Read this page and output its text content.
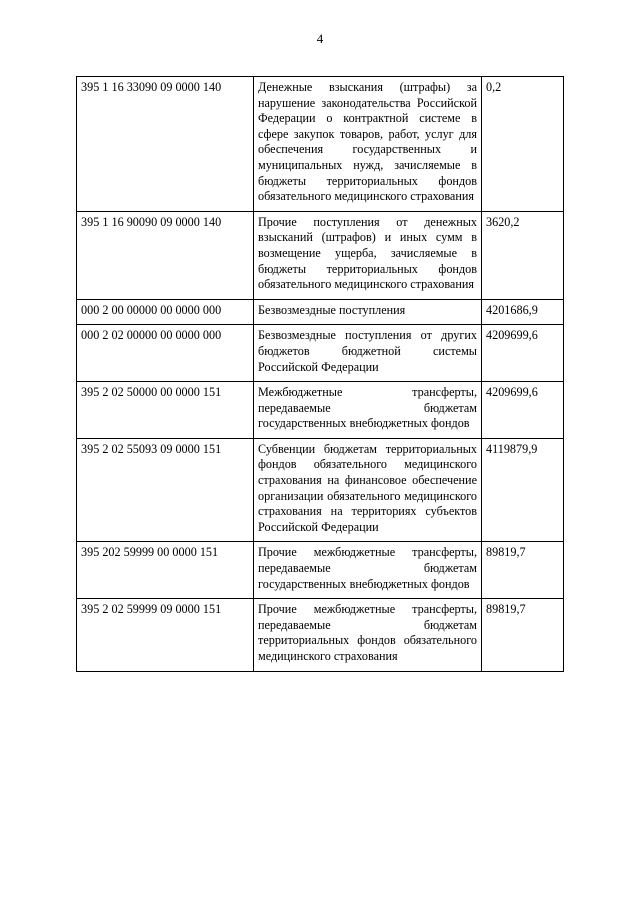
4
395 1 16 33090 09 0000 140	Денежные взыскания (штрафы) за нарушение законодательства Российской Федерации о контрактной системе в сфере закупок товаров, работ, услуг для обеспечения государственных и муниципальных нужд, зачисляемые в бюджеты территориальных фондов обязательного медицинского страхования	0,2
395 1 16 90090 09 0000 140	Прочие поступления от денежных взысканий (штрафов) и иных сумм в возмещение ущерба, зачисляемые в бюджеты территориальных фондов обязательного медицинского страхования	3620,2
000 2 00 00000 00 0000 000	Безвозмездные поступления	4201686,9
000 2 02 00000 00 0000 000	Безвозмездные поступления от других бюджетов бюджетной системы Российской Федерации	4209699,6
395 2 02 50000 00 0000 151	Межбюджетные трансферты, передаваемые бюджетам государственных внебюджетных фондов	4209699,6
395 2 02 55093 09 0000 151	Субвенции бюджетам территориальных фондов обязательного медицинского страхования на финансовое обеспечение организации обязательного медицинского страхования на территориях субъектов Российской Федерации	4119879,9
395 202 59999 00 0000 151	Прочие межбюджетные трансферты, передаваемые бюджетам государственных внебюджетных фондов	89819,7
395 2 02 59999 09 0000 151	Прочие межбюджетные трансферты, передаваемые бюджетам территориальных фондов обязательного медицинского страхования	89819,7
